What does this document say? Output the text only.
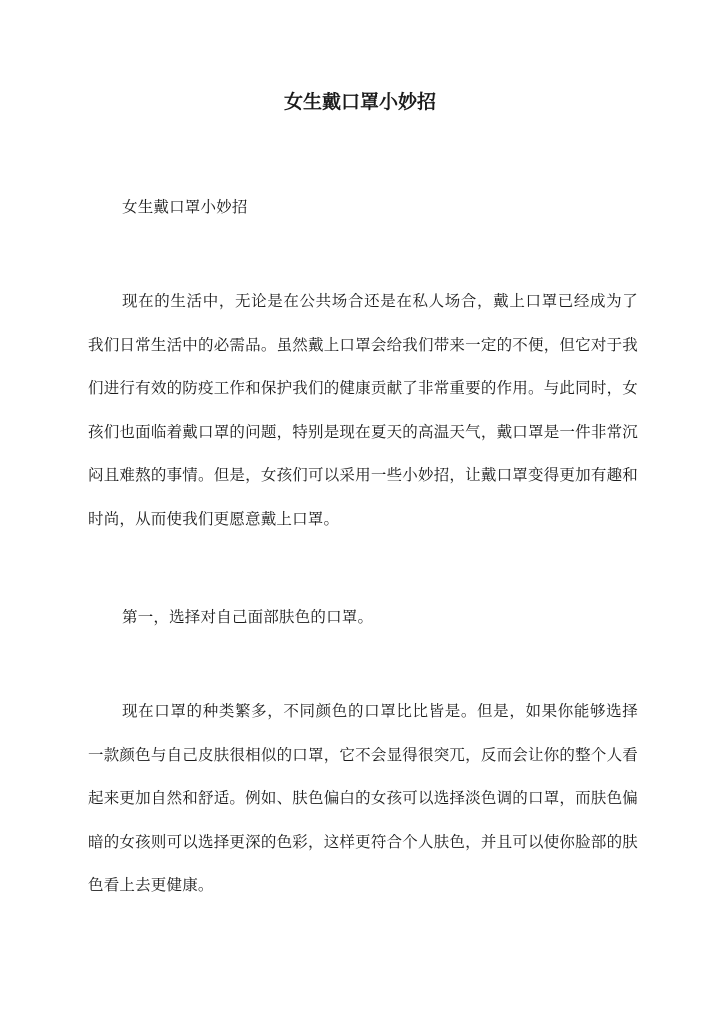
女生戴口罩小妙招

女生戴口罩小妙招

现在的生活中，无论是在公共场合还是在私人场合，戴上口罩已经成为了我们日常生活中的必需品。虽然戴上口罩会给我们带来一定的不便，但它对于我们进行有效的防疫工作和保护我们的健康贡献了非常重要的作用。与此同时，女孩们也面临着戴口罩的问题，特别是现在夏天的高温天气，戴口罩是一件非常沉闷且难熬的事情。但是，女孩们可以采用一些小妙招，让戴口罩变得更加有趣和时尚，从而使我们更愿意戴上口罩。

第一，选择对自己面部肤色的口罩。

现在口罩的种类繁多，不同颜色的口罩比比皆是。但是，如果你能够选择一款颜色与自己皮肤很相似的口罩，它不会显得很突兀，反而会让你的整个人看起来更加自然和舒适。例如、肤色偏白的女孩可以选择淡色调的口罩，而肤色偏暗的女孩则可以选择更深的色彩，这样更符合个人肤色，并且可以使你脸部的肤色看上去更健康。
